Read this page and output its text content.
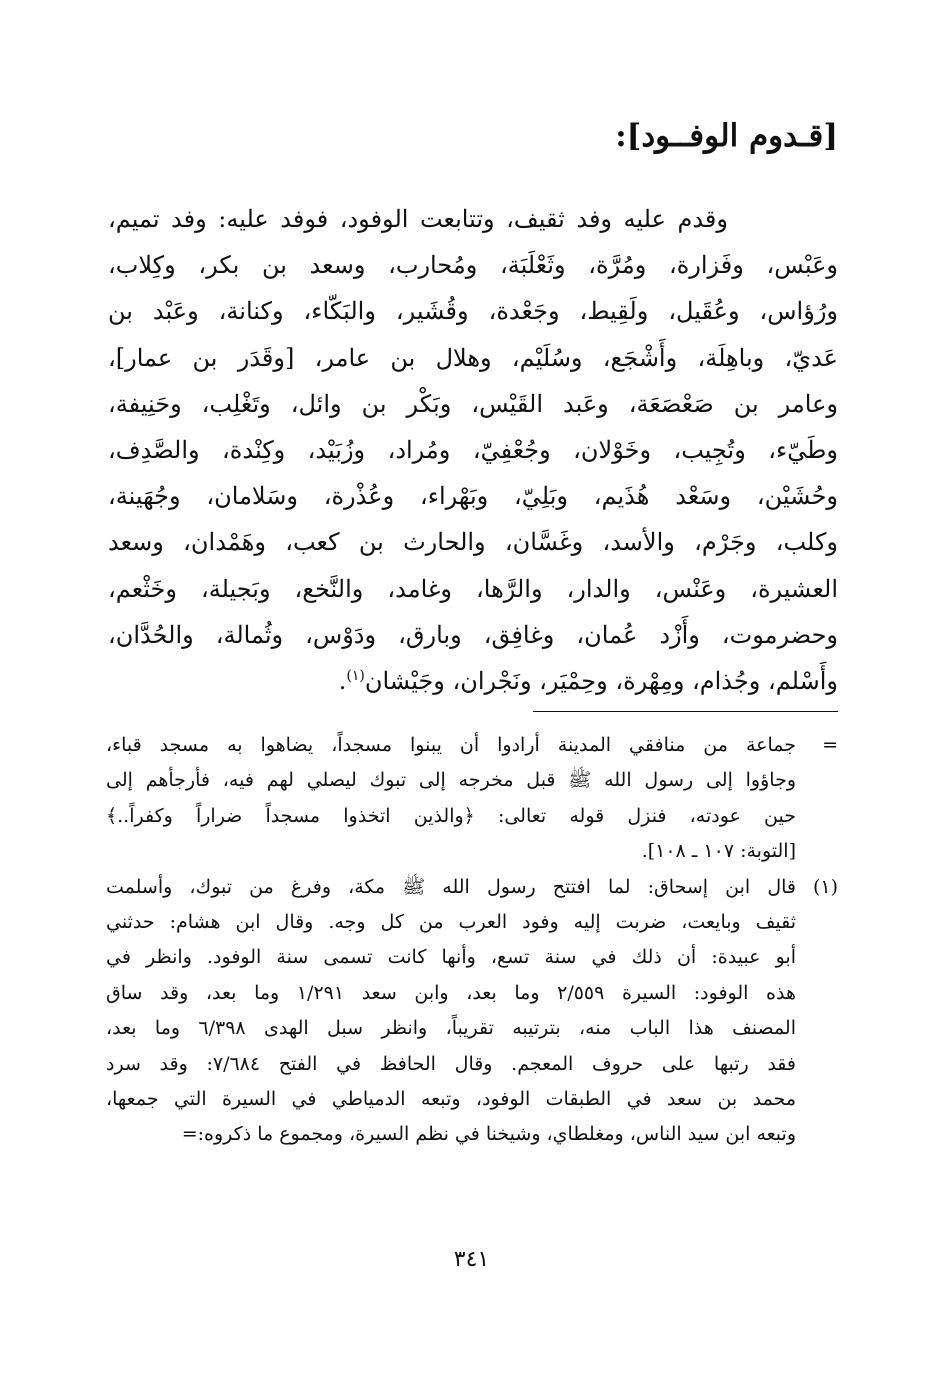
[قـدوم الوفــود]:
وقدم عليه وفد ثقيف، وتتابعت الوفود، فوفد عليه: وفد تميم،
وعَبْس، وفَزارة، ومُرَّة، وثَعْلَبَة، ومُحارب، وسعد بن بكر، وكِلاب،
ورُؤاس، وعُقَيل، ولَقِيط، وجَعْدة، وقُشَير، والبَكّاء، وكنانة، وعَبْد بن
عَديّ، وباهِلَة، وأَشْجَع، وسُلَيْم، وهلال بن عامر، [وقَدَر بن عمار]،
وعامر بن صَعْصَعَة، وعَبد القَيْس، وبَكْر بن وائل، وتَغْلِب، وحَنِيفة،
وطَيّء، وتُجِيب، وخَوْلان، وجُعْفِيّ، ومُراد، وزُبَيْد، وكِنْدة، والصَّدِف،
وحُشَيْن، وسَعْد هُذَيم، وبَلِيّ، وبَهْراء، وعُذْرة، وسَلامان، وجُهَينة،
وكلب، وجَرْم، والأسد، وغَسَّان، والحارث بن كعب، وهَمْدان، وسعد
العشيرة، وعَنْس، والدار، والرَّها، وغامد، والنَّخع، وبَجيلة، وخَثْعم،
وحضرموت، وأَزْد عُمان، وغافِق، وبارق، ودَوْس، وثُمالة، والحُدَّان،
وأَسْلم، وجُذام، ومِهْرة، وحِمْيَر، ونَجْران، وجَيْشان$^{(١)}$.
=
جماعة من منافقي المدينة أرادوا أن يبنوا مسجداً، يضاهوا به مسجد قباء،
وجاؤوا إلى رسول الله ﷺ قبل مخرجه إلى تبوك ليصلي لهم فيه، فأرجأهم إلى
حين عودته، فنزل قوله تعالى: ﴿والذين اتخذوا مسجداً ضراراً وكفراً..﴾
[التوبة: ١٠٧ ـ ١٠٨].
(١)
قال ابن إسحاق: لما افتتح رسول الله ﷺ مكة، وفرغ من تبوك، وأسلمت
ثقيف وبايعت، ضربت إليه وفود العرب من كل وجه. وقال ابن هشام: حدثني
أبو عبيدة: أن ذلك في سنة تسع، وأنها كانت تسمى سنة الوفود. وانظر في
هذه الوفود: السيرة ٢/٥٥٩ وما بعد، وابن سعد ١/٢٩١ وما بعد، وقد ساق
المصنف هذا الباب منه، بترتيبه تقريباً، وانظر سبل الهدى ٦/٣٩٨ وما بعد،
فقد رتبها على حروف المعجم. وقال الحافظ في الفتح ٧/٦٨٤: وقد سرد
محمد بن سعد في الطبقات الوفود، وتبعه الدمياطي في السيرة التي جمعها،
وتبعه ابن سيد الناس، ومغلطاي، وشيخنا في نظم السيرة، ومجموع ما ذكروه:=
٣٤١
